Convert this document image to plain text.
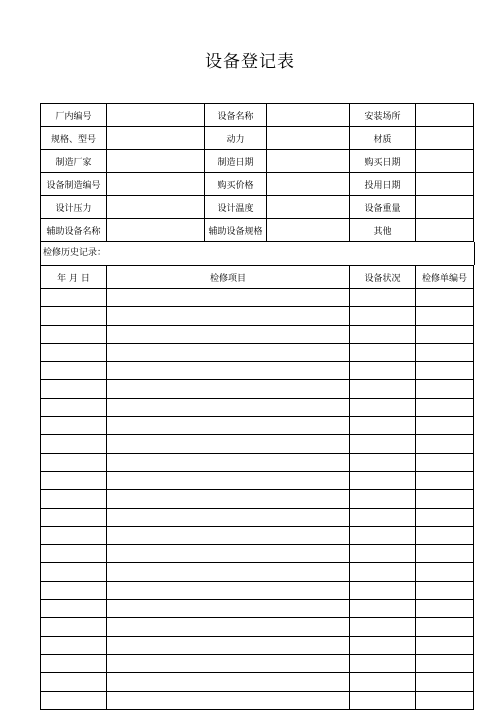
设备登记表
厂内编号		设备名称		安装场所	
规格、型号		动力		材质	
制造厂家		制造日期		购买日期	
设备制造编号		购买价格		投用日期	
设计压力		设计温度		设备重量	
辅助设备名称		辅助设备规格		其他	
检修历史记录：
年 月 日	检修项目	设备状况	检修单编号
